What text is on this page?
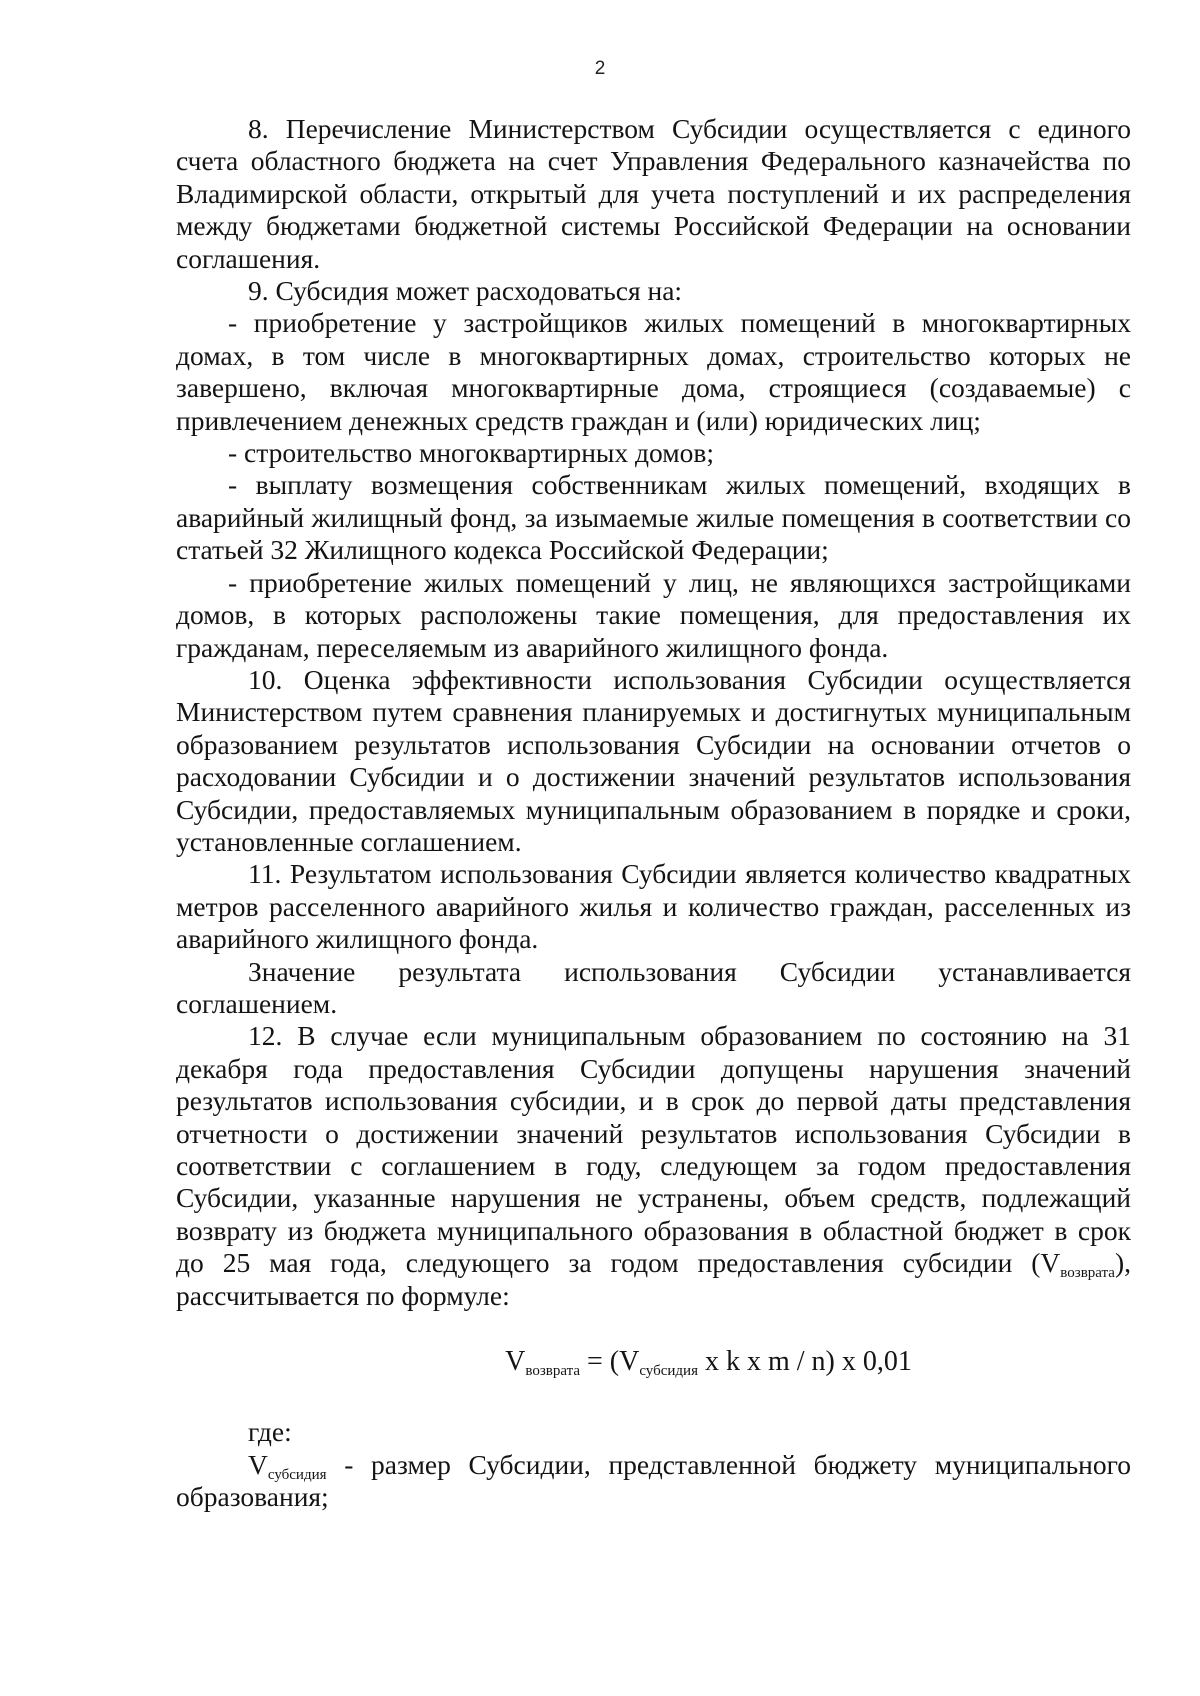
2

8. Перечисление Министерством Субсидии осуществляется с единого счета областного бюджета на счет Управления Федерального казначейства по Владимирской области, открытый для учета поступлений и их распределения между бюджетами бюджетной системы Российской Федерации на основании соглашения.

9. Субсидия может расходоваться на:

- приобретение у застройщиков жилых помещений в многоквартирных домах, в том числе в многоквартирных домах, строительство которых не завершено, включая многоквартирные дома, строящиеся (создаваемые) с привлечением денежных средств граждан и (или) юридических лиц;

- строительство многоквартирных домов;

- выплату возмещения собственникам жилых помещений, входящих в аварийный жилищный фонд, за изымаемые жилые помещения в соответствии со статьей 32 Жилищного кодекса Российской Федерации;

- приобретение жилых помещений у лиц, не являющихся застройщиками домов, в которых расположены такие помещения, для предоставления их гражданам, переселяемым из аварийного жилищного фонда.

10. Оценка эффективности использования Субсидии осуществляется Министерством путем сравнения планируемых и достигнутых муниципальным образованием результатов использования Субсидии на основании отчетов о расходовании Субсидии и о достижении значений результатов использования Субсидии, предоставляемых муниципальным образованием в порядке и сроки, установленные соглашением.

11. Результатом использования Субсидии является количество квадратных метров расселенного аварийного жилья и количество граждан, расселенных из аварийного жилищного фонда.

Значение результата использования Субсидии устанавливается соглашением.

12. В случае если муниципальным образованием по состоянию на 31 декабря года предоставления Субсидии допущены нарушения значений результатов использования субсидии, и в срок до первой даты представления отчетности о достижении значений результатов использования Субсидии в соответствии с соглашением в году, следующем за годом предоставления Субсидии, указанные нарушения не устранены, объем средств, подлежащий возврату из бюджета муниципального образования в областной бюджет в срок до 25 мая года, следующего за годом предоставления субсидии (Vвозврата), рассчитывается по формуле:

$V_{возврата} = (V_{субсидия}$ x k x m / n) x 0,01

где:

Vсубсидия - размер Субсидии, представленной бюджету муниципального образования;
